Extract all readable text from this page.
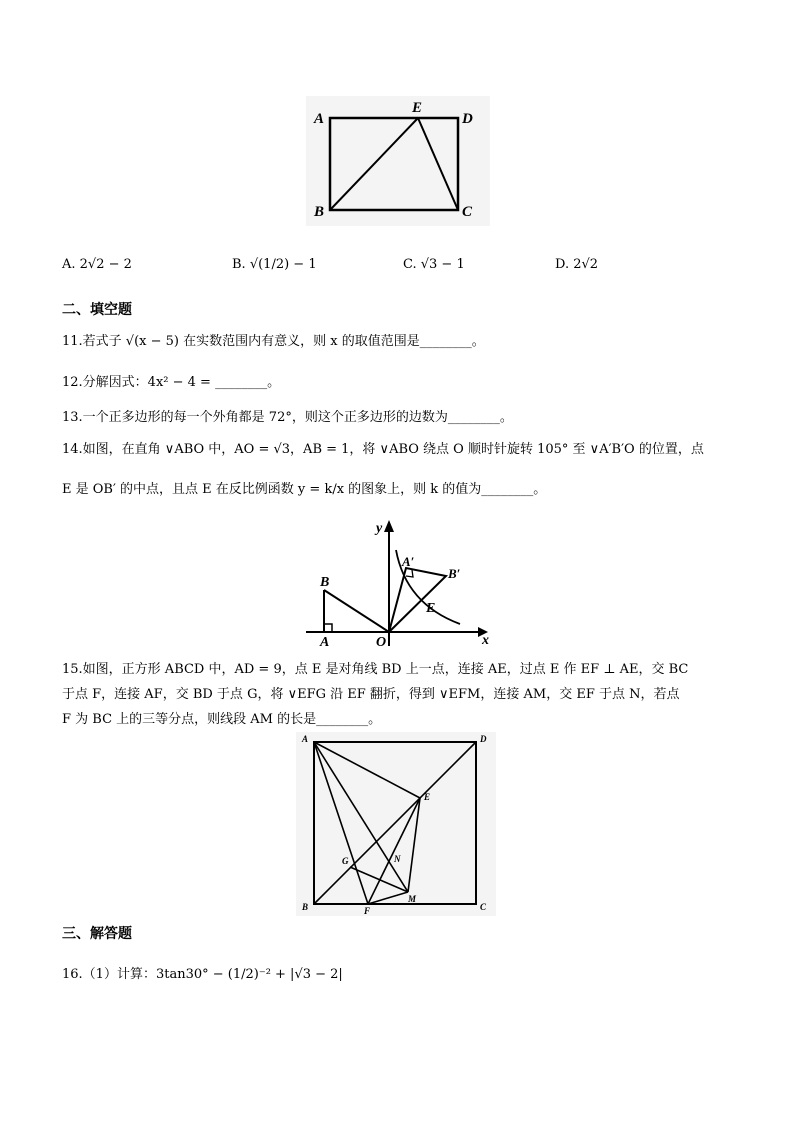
A
E
D
B	C
A. 2√2 − 2	B. √(1/2) − 1	C. √3 − 1	D. 2√2
二、填空题
11.若式子 √(x − 5) 在实数范围内有意义，则 x 的取值范围是________。
12.分解因式：4x² − 4 = ________。
13.一个正多边形的每一个外角都是 72°，则这个正多边形的边数为________。
14.如图，在直角 ∨ABO 中，AO = √3，AB = 1，将 ∨ABO 绕点 O 顺时针旋转 105° 至 ∨A′B′O 的位置，点
E 是 OB′ 的中点，且点 E 在反比例函数 y = k/x 的图象上，则 k 的值为________。
x
y
B
A	O
A′
B′
E
15.如图，正方形 ABCD 中，AD = 9，点 E 是对角线 BD 上一点，连接 AE，过点 E 作 EF ⊥ AE，交 BC
于点 F，连接 AF，交 BD 于点 G，将 ∨EFG 沿 EF 翻折，得到 ∨EFM，连接 AM，交 EF 于点 N，若点
F 为 BC 上的三等分点，则线段 AM 的长是________。
A	D
B	C
E
F
G	N
M
三、解答题
16.（1）计算：3tan30° − (1/2)⁻² + |√3 − 2|
